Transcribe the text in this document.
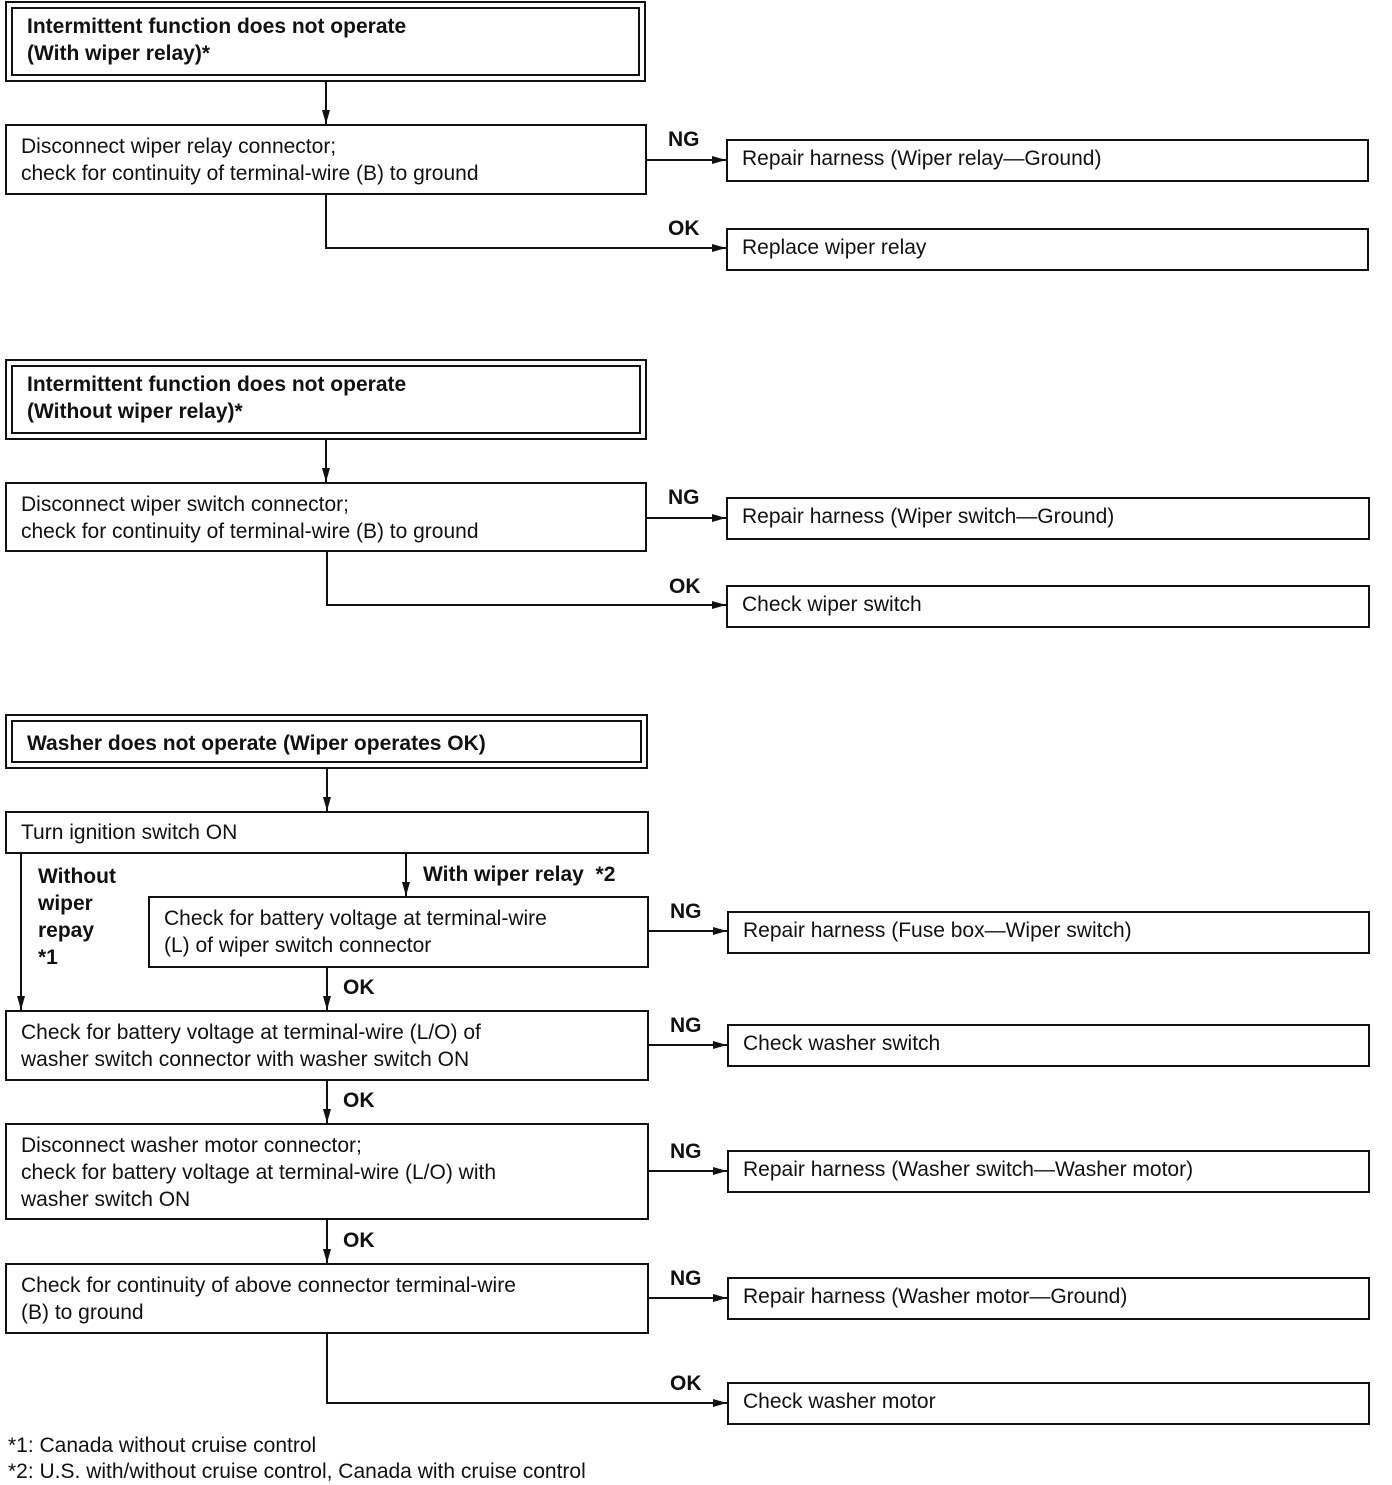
Intermittent function does not operate
(With wiper relay)*
Disconnect wiper relay connector;
check for continuity of terminal-wire (B) to ground
NG
Repair harness (Wiper relay—Ground)
OK
Replace wiper relay
Intermittent function does not operate
(Without wiper relay)*
Disconnect wiper switch connector;
check for continuity of terminal-wire (B) to ground
NG
Repair harness (Wiper switch—Ground)
OK
Check wiper switch
Washer does not operate (Wiper operates OK)
Turn ignition switch ON
Without
wiper
repay
*1
With wiper relay  *2
Check for battery voltage at terminal-wire
(L) of wiper switch connector
NG
Repair harness (Fuse box—Wiper switch)
OK
Check for battery voltage at terminal-wire (L/O) of
washer switch connector with washer switch ON
NG
Check washer switch
OK
Disconnect washer motor connector;
check for battery voltage at terminal-wire (L/O) with
washer switch ON
NG
Repair harness (Washer switch—Washer motor)
OK
Check for continuity of above connector terminal-wire
(B) to ground
NG
Repair harness (Washer motor—Ground)
OK
Check washer motor
*1: Canada without cruise control
*2: U.S. with/without cruise control, Canada with cruise control
